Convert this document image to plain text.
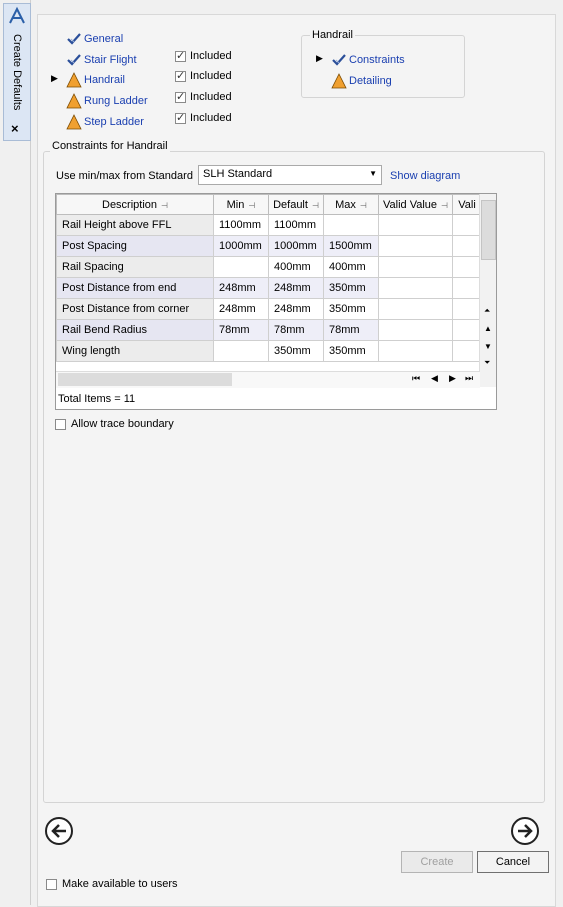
Create Defaults
×
General
Stair Flight
▶ Handrail
Rung Ladder
Step Ladder
✓
Included
✓
Included
✓
Included
✓
Included
Handrail
▶ Constraints
Detailing
Constraints for Handrail
Use min/max from Standard SLH Standard	▼ Show diagram
Description ⊣	Min ⊣	Default ⊣	Max ⊣	Valid Value ⊣	Vali
Rail Height above FFL	1100mm	1100mm			
Post Spacing	1000mm	1000mm	1500mm		
Rail Spacing		400mm	400mm		
Post Distance from end	248mm	248mm	350mm		
Post Distance from corner	248mm	248mm	350mm		
Rail Bend Radius	78mm	78mm	78mm		
Wing length		350mm	350mm		
⏶
▲
▼
⏷
⏮ ◀ ▶ ⏭
Total Items = 11
Allow trace boundary
Create	Cancel
Make available to users
